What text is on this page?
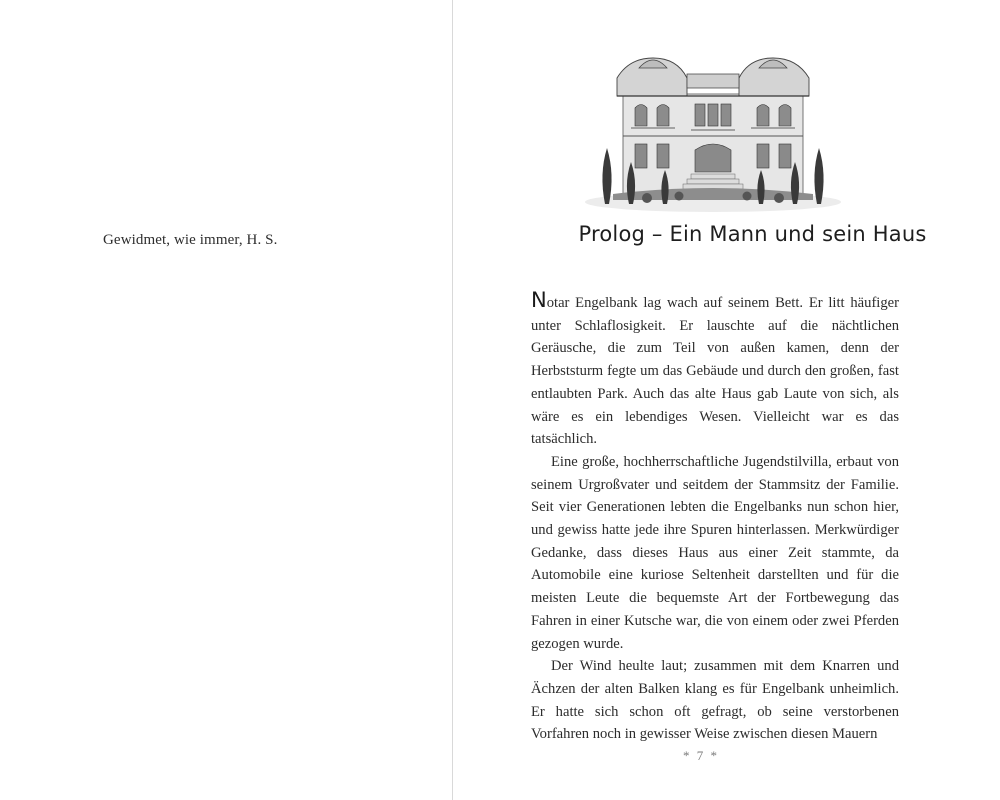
Gewidmet, wie immer, H. S.	Prolog – Ein Mann und sein Haus

Notar Engelbank lag wach auf seinem Bett. Er litt häufiger unter Schlaflosigkeit. Er lauschte auf die nächtlichen Geräusche, die zum Teil von außen kamen, denn der Herbststurm fegte um das Gebäude und durch den großen, fast entlaubten Park. Auch das alte Haus gab Laute von sich, als wäre es ein lebendiges Wesen. Vielleicht war es das tatsächlich.

Eine große, hochherrschaftliche Jugendstilvilla, erbaut von seinem Urgroßvater und seitdem der Stammsitz der Familie. Seit vier Generationen lebten die Engelbanks nun schon hier, und gewiss hatte jede ihre Spuren hinterlassen. Merkwürdiger Gedanke, dass dieses Haus aus einer Zeit stammte, da Automobile eine kuriose Seltenheit darstellten und für die meisten Leute die bequemste Art der Fortbewegung das Fahren in einer Kutsche war, die von einem oder zwei Pferden gezogen wurde.

Der Wind heulte laut; zusammen mit dem Knarren und Ächzen der alten Balken klang es für Engelbank unheimlich. Er hatte sich schon oft gefragt, ob seine verstorbenen Vorfahren noch in gewisser Weise zwischen diesen Mauern

* 7 *
